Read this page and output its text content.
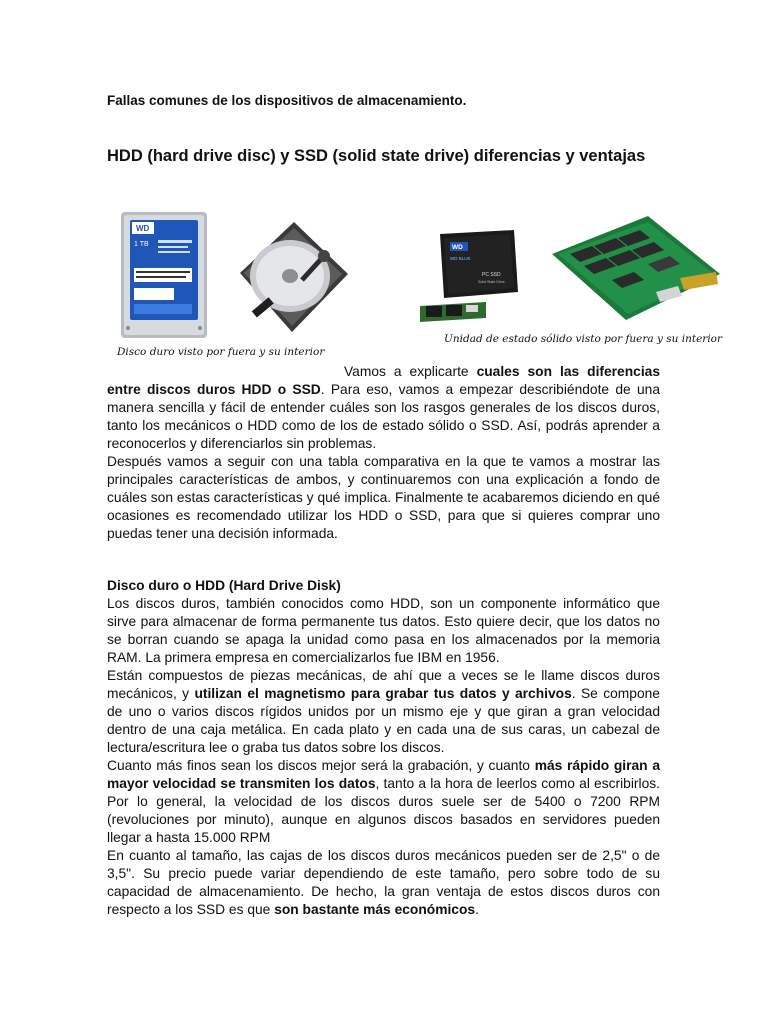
Fallas comunes de los dispositivos de almacenamiento.
HDD (hard drive disc) y SSD (solid state drive) diferencias y ventajas
WD
1 TB	WD
WD BLUE
PC SSD
Solid State Drive
Disco duro visto por fuera y su interior
Unidad de estado sólido visto por fuera y su interior

Vamos a explicarte cuales son las diferencias entre discos duros HDD o SSD. Para eso, vamos a empezar describiéndote de una manera sencilla y fácil de entender cuáles son los rasgos generales de los discos duros, tanto los mecánicos o HDD como de los de estado sólido o SSD. Así, podrás aprender a reconocerlos y diferenciarlos sin problemas.

Después vamos a seguir con una tabla comparativa en la que te vamos a mostrar las principales características de ambos, y continuaremos con una explicación a fondo de cuáles son estas características y qué implica. Finalmente te acabaremos diciendo en qué ocasiones es recomendado utilizar los HDD o SSD, para que si quieres comprar uno puedas tener una decisión informada.

Disco duro o HDD (Hard Drive Disk)

Los discos duros, también conocidos como HDD, son un componente informático que sirve para almacenar de forma permanente tus datos. Esto quiere decir, que los datos no se borran cuando se apaga la unidad como pasa en los almacenados por la memoria RAM. La primera empresa en comercializarlos fue IBM en 1956.

Están compuestos de piezas mecánicas, de ahí que a veces se le llame discos duros mecánicos, y utilizan el magnetismo para grabar tus datos y archivos. Se compone de uno o varios discos rígidos unidos por un mismo eje y que giran a gran velocidad dentro de una caja metálica. En cada plato y en cada una de sus caras, un cabezal de lectura/escritura lee o graba tus datos sobre los discos.

Cuanto más finos sean los discos mejor será la grabación, y cuanto más rápido giran a mayor velocidad se transmiten los datos, tanto a la hora de leerlos como al escribirlos. Por lo general, la velocidad de los discos duros suele ser de 5400 o 7200 RPM (revoluciones por minuto), aunque en algunos discos basados en servidores pueden llegar a hasta 15.000 RPM

En cuanto al tamaño, las cajas de los discos duros mecánicos pueden ser de 2,5" o de 3,5". Su precio puede variar dependiendo de este tamaño, pero sobre todo de su capacidad de almacenamiento. De hecho, la gran ventaja de estos discos duros con respecto a los SSD es que son bastante más económicos.
